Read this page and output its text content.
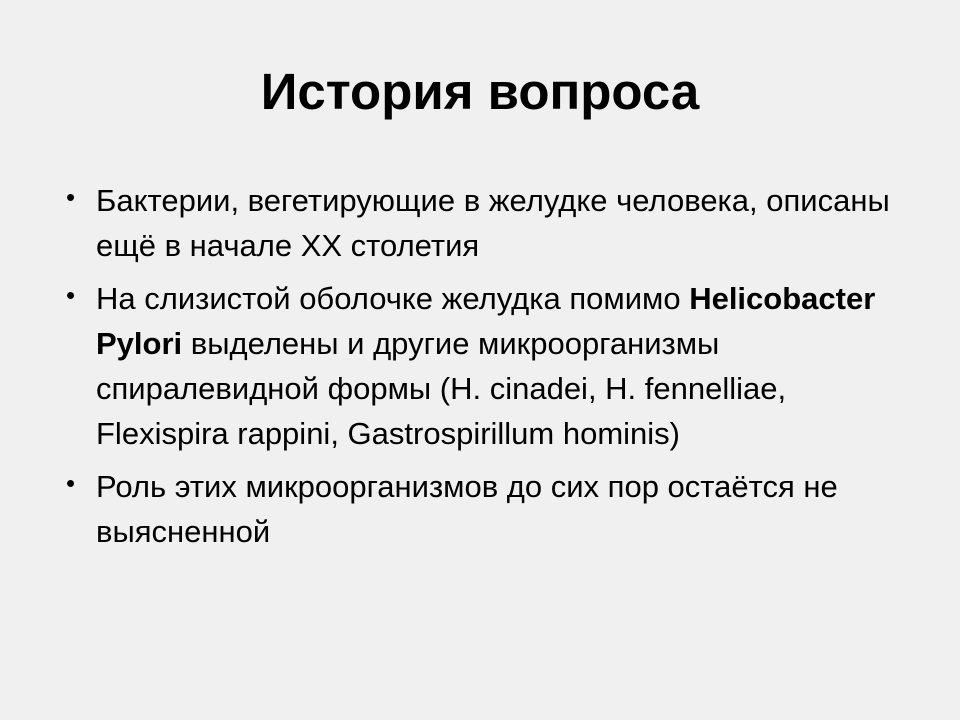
История вопроса
• Бактерии, вегетирующие в желудке человека, описаны ещё в начале XX столетия
• На слизистой оболочке желудка помимо Helicobacter Pylori выделены и другие микроорганизмы спиралевидной формы (H. cinadei, H. fennelliae, Flexispira rappini, Gastrospirillum hominis)
• Роль этих микроорганизмов до сих пор остаётся не выясненной
